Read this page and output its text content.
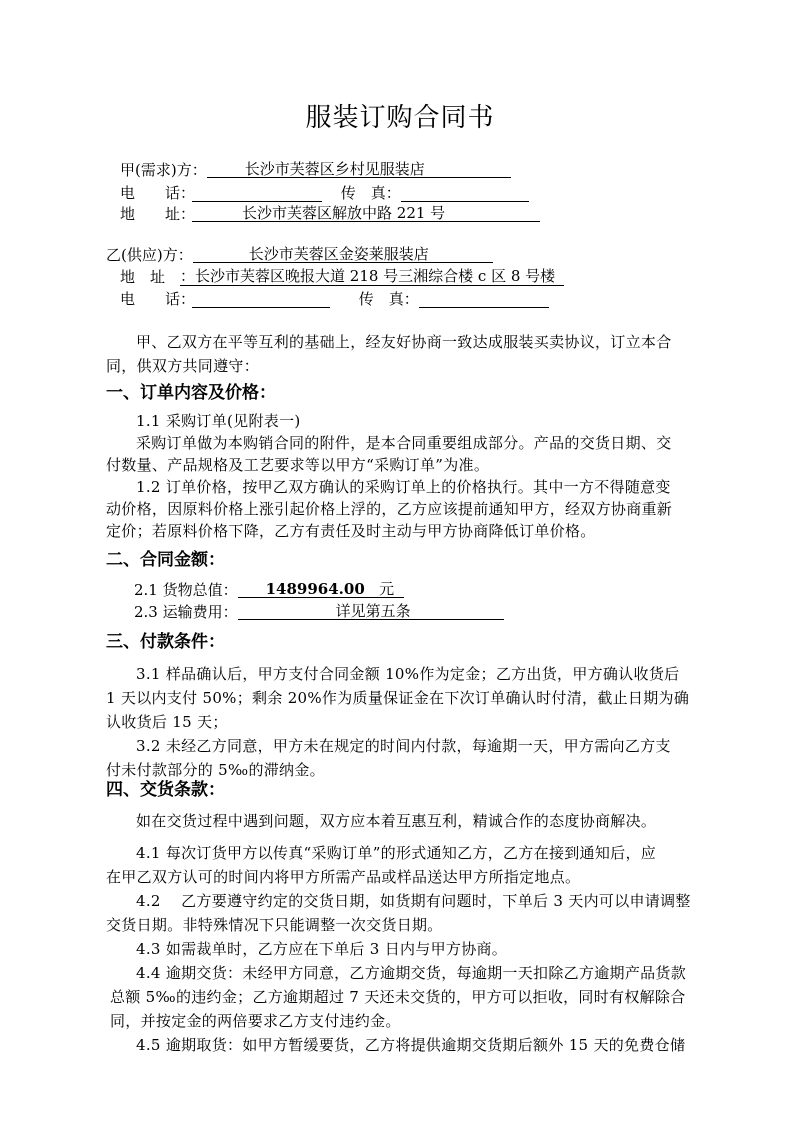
服装订购合同书
甲(需求)方：	长沙市芙蓉区乡村见服装店
电　　话：	传　真：
地　　址：	长沙市芙蓉区解放中路 221 号
乙(供应)方：	长沙市芙蓉区金姿莱服装店
地　址 ：长沙市芙蓉区晚报大道 218 号三湘综合楼 c 区 8 号楼
电　　话：	传　真：

甲、乙双方在平等互利的基础上，经友好协商一致达成服装买卖协议，订立本合

同，供双方共同遵守：

一、订单内容及价格：

1.1 采购订单(见附表一)

采购订单做为本购销合同的附件，是本合同重要组成部分。产品的交货日期、交

付数量、产品规格及工艺要求等以甲方“采购订单”为准。

1.2 订单价格，按甲乙双方确认的采购订单上的价格执行。其中一方不得随意变

动价格，因原料价格上涨引起价格上浮的，乙方应该提前通知甲方，经双方协商重新

定价；若原料价格下降，乙方有责任及时主动与甲方协商降低订单价格。

二、合同金额：
2.1 货物总值： 1489964.00 元
2.3 运输费用：	详见第五条
三、付款条件：

3.1 样品确认后，甲方支付合同金额 10%作为定金；乙方出货，甲方确认收货后

1 天以内支付 50%；剩余 20%作为质量保证金在下次订单确认时付清，截止日期为确

认收货后 15 天；

3.2 未经乙方同意，甲方未在规定的时间内付款，每逾期一天，甲方需向乙方支

付未付款部分的 5‰的滞纳金。

四、交货条款：

如在交货过程中遇到问题，双方应本着互惠互利，精诚合作的态度协商解决。

4.1 每次订货甲方以传真“采购订单”的形式通知乙方，乙方在接到通知后，应

在甲乙双方认可的时间内将甲方所需产品或样品送达甲方所指定地点。

4.2　 乙方要遵守约定的交货日期，如货期有问题时，下单后 3 天内可以申请调整

交货日期。非特殊情况下只能调整一次交货日期。

4.3 如需裁单时，乙方应在下单后 3 日内与甲方协商。

4.4 逾期交货：未经甲方同意，乙方逾期交货，每逾期一天扣除乙方逾期产品货款

总额 5‰的违约金；乙方逾期超过 7 天还未交货的，甲方可以拒收，同时有权解除合

同，并按定金的两倍要求乙方支付违约金。

4.5 逾期取货：如甲方暂缓要货，乙方将提供逾期交货期后额外 15 天的免费仓储
